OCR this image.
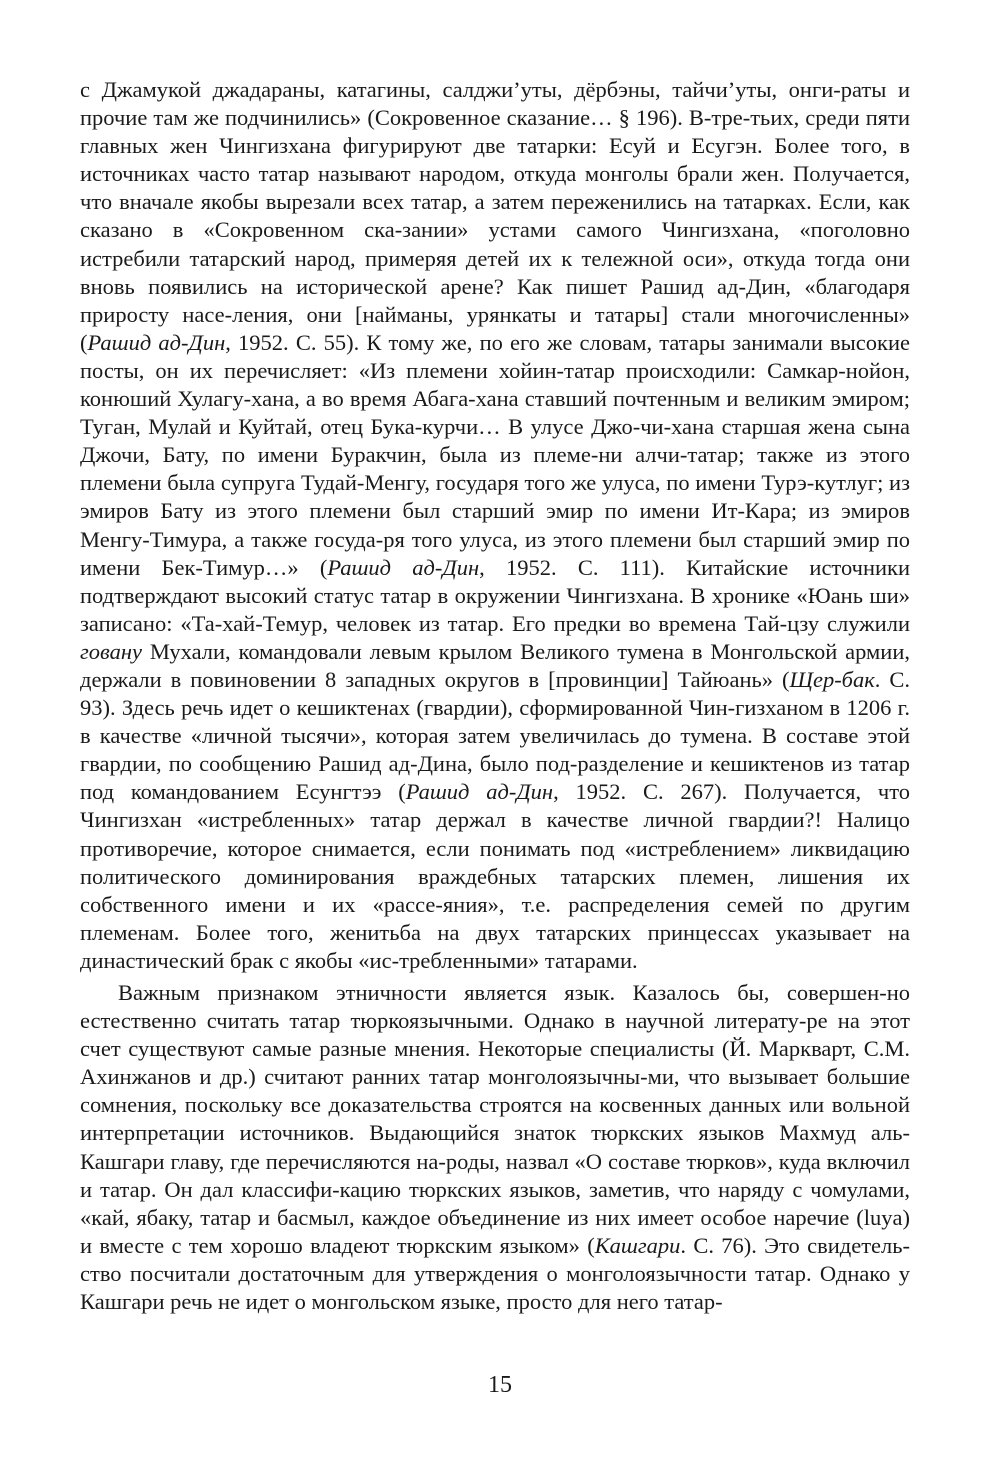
с Джамукой джадараны, катагины, салджи’уты, дёрбэны, тайчи’уты, онги-раты и прочие там же подчинились» (Сокровенное сказание… § 196). В-тре-тьих, среди пяти главных жен Чингизхана фигурируют две татарки: Есуй и Есугэн. Более того, в источниках часто татар называют народом, откуда монголы брали жен. Получается, что вначале якобы вырезали всех татар, а затем переженились на татарках. Если, как сказано в «Сокровенном ска-зании» устами самого Чингизхана, «поголовно истребили татарский народ, примеряя детей их к тележной оси», откуда тогда они вновь появились на исторической арене? Как пишет Рашид ад-Дин, «благодаря приросту насе-ления, они [найманы, урянкаты и татары] стали многочисленны» (Рашид ад-Дин, 1952. С. 55). К тому же, по его же словам, татары занимали высокие посты, он их перечисляет: «Из племени хойин-татар происходили: Самкар-нойон, конюший Хулагу-хана, а во время Абага-хана ставший почтенным и великим эмиром; Туган, Мулай и Куйтай, отец Бука-курчи… В улусе Джо-чи-хана старшая жена сына Джочи, Бату, по имени Буракчин, была из племе-ни алчи-татар; также из этого племени была супруга Тудай-Менгу, государя того же улуса, по имени Турэ-кутлуг; из эмиров Бату из этого племени был старший эмир по имени Ит-Кара; из эмиров Менгу-Тимура, а также госуда-ря того улуса, из этого племени был старший эмир по имени Бек-Тимур…» (Рашид ад-Дин, 1952. С. 111). Китайские источники подтверждают высокий статус татар в окружении Чингизхана. В хронике «Юань ши» записано: «Та-хай-Темур, человек из татар. Его предки во времена Тай-цзу служили говану Мухали, командовали левым крылом Великого тумена в Монгольской армии, держали в повиновении 8 западных округов в [провинции] Тайюань» (Щер-бак. С. 93). Здесь речь идет о кешиктенах (гвардии), сформированной Чин-гизханом в 1206 г. в качестве «личной тысячи», которая затем увеличилась до тумена. В составе этой гвардии, по сообщению Рашид ад-Дина, было под-разделение и кешиктенов из татар под командованием Есунгтээ (Рашид ад-Дин, 1952. С. 267). Получается, что Чингизхан «истребленных» татар держал в качестве личной гвардии?! Налицо противоречие, которое снимается, если понимать под «истреблением» ликвидацию политического доминирования враждебных татарских племен, лишения их собственного имени и их «рассе-яния», т.е. распределения семей по другим племенам. Более того, женитьба на двух татарских принцессах указывает на династический брак с якобы «ис-требленными» татарами.

Важным признаком этничности является язык. Казалось бы, совершен-но естественно считать татар тюркоязычными. Однако в научной литерату-ре на этот счет существуют самые разные мнения. Некоторые специалисты (Й. Маркварт, С.М. Ахинжанов и др.) считают ранних татар монголоязычны-ми, что вызывает большие сомнения, поскольку все доказательства строятся на косвенных данных или вольной интерпретации источников. Выдающийся знаток тюркских языков Махмуд аль-Кашгари главу, где перечисляются на-роды, назвал «О составе тюрков», куда включил и татар. Он дал классифи-кацию тюркских языков, заметив, что наряду с чомулами, «кай, ябаку, татар и басмыл, каждое объединение из них имеет особое наречие (luya) и вместе с тем хорошо владеют тюркским языком» (Кашгари. С. 76). Это свидетель-ство посчитали достаточным для утверждения о монголоязычности татар. Однако у Кашгари речь не идет о монгольском языке, просто для него татар-

15
